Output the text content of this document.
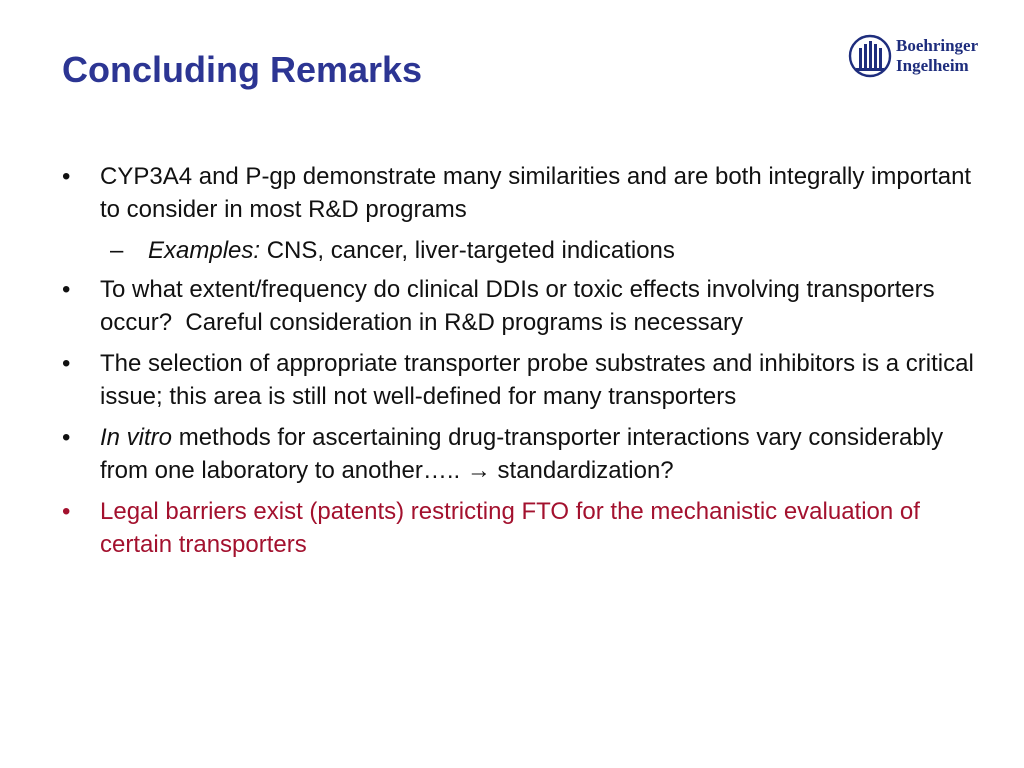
Concluding Remarks
Boehringer
Ingelheim
•	CYP3A4 and P-gp demonstrate many similarities and are both integrally important to consider in most R&D programs
–	Examples: CNS, cancer, liver-targeted indications
•	To what extent/frequency do clinical DDIs or toxic effects involving transporters occur?  Careful consideration in R&D programs is necessary
•	The selection of appropriate transporter probe substrates and inhibitors is a critical issue; this area is still not well-defined for many transporters
•	In vitro methods for ascertaining drug-transporter interactions vary considerably from one laboratory to another….. → standardization?
•	Legal barriers exist (patents) restricting FTO for the mechanistic evaluation of certain transporters
